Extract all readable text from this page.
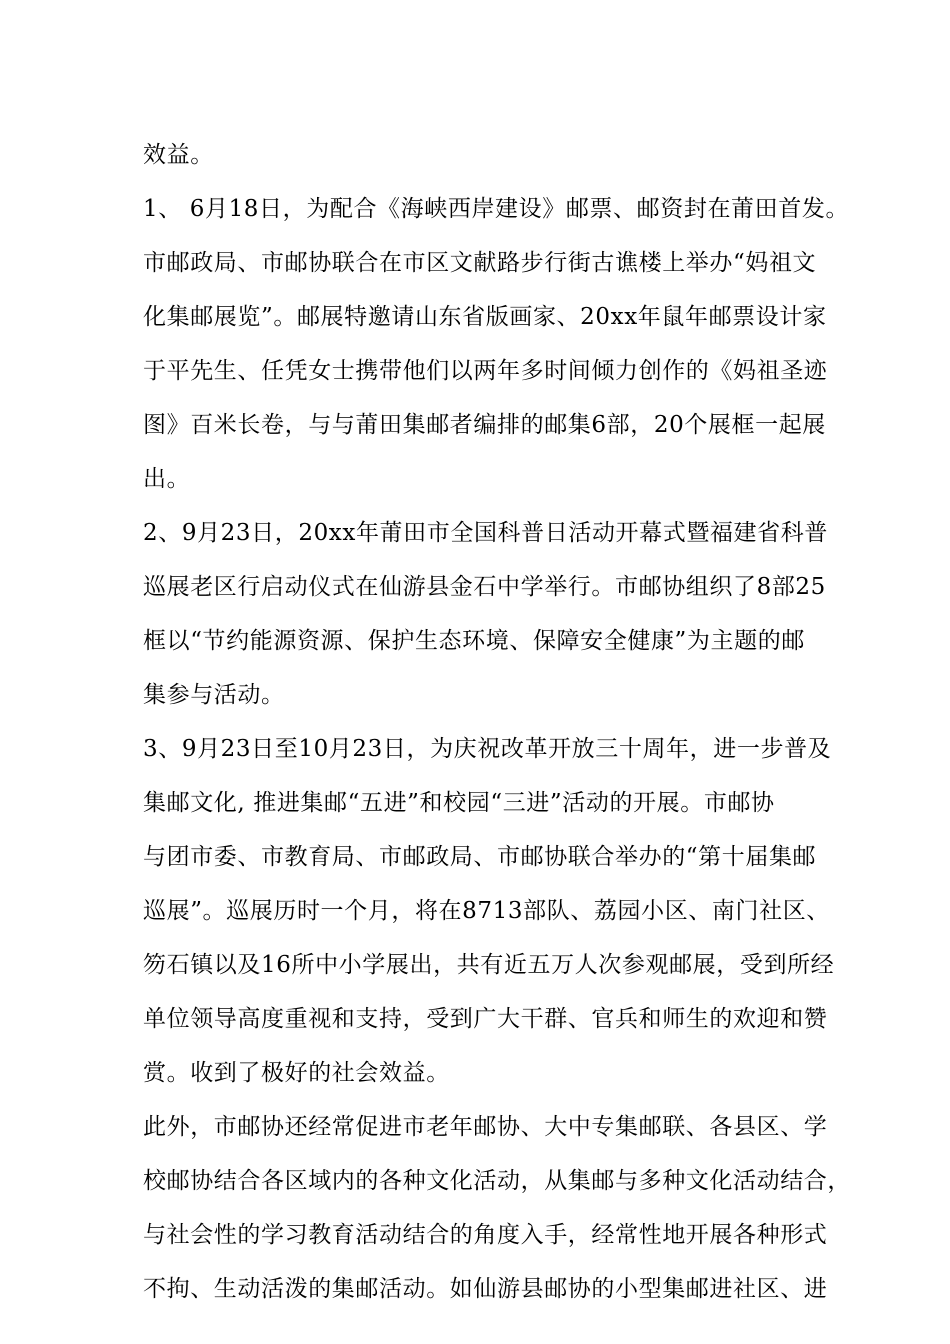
效益。
1、 6月18日，为配合《海峡西岸建设》邮票、邮资封在莆田首发。
市邮政局、市邮协联合在市区文献路步行街古谯楼上举办“妈祖文
化集邮展览”。邮展特邀请山东省版画家、20xx年鼠年邮票设计家
于平先生、任凭女士携带他们以两年多时间倾力创作的《妈祖圣迹
图》百米长卷，与与莆田集邮者编排的邮集6部，20个展框一起展
出。
2、9月23日，20xx年莆田市全国科普日活动开幕式暨福建省科普
巡展老区行启动仪式在仙游县金石中学举行。市邮协组织了8部25
框以“节约能源资源、保护生态环境、保障安全健康”为主题的邮
集参与活动。
3、9月23日至10月23日，为庆祝改革开放三十周年，进一步普及
集邮文化, 推进集邮“五进”和校园“三进”活动的开展。市邮协
与团市委、市教育局、市邮政局、市邮协联合举办的“第十届集邮
巡展”。巡展历时一个月，将在8713部队、荔园小区、南门社区、
笏石镇以及16所中小学展出，共有近五万人次参观邮展，受到所经
单位领导高度重视和支持，受到广大干群、官兵和师生的欢迎和赞
赏。收到了极好的社会效益。
此外，市邮协还经常促进市老年邮协、大中专集邮联、各县区、学
校邮协结合各区域内的各种文化活动，从集邮与多种文化活动结合，
与社会性的学习教育活动结合的角度入手，经常性地开展各种形式
不拘、生动活泼的集邮活动。如仙游县邮协的小型集邮进社区、进
